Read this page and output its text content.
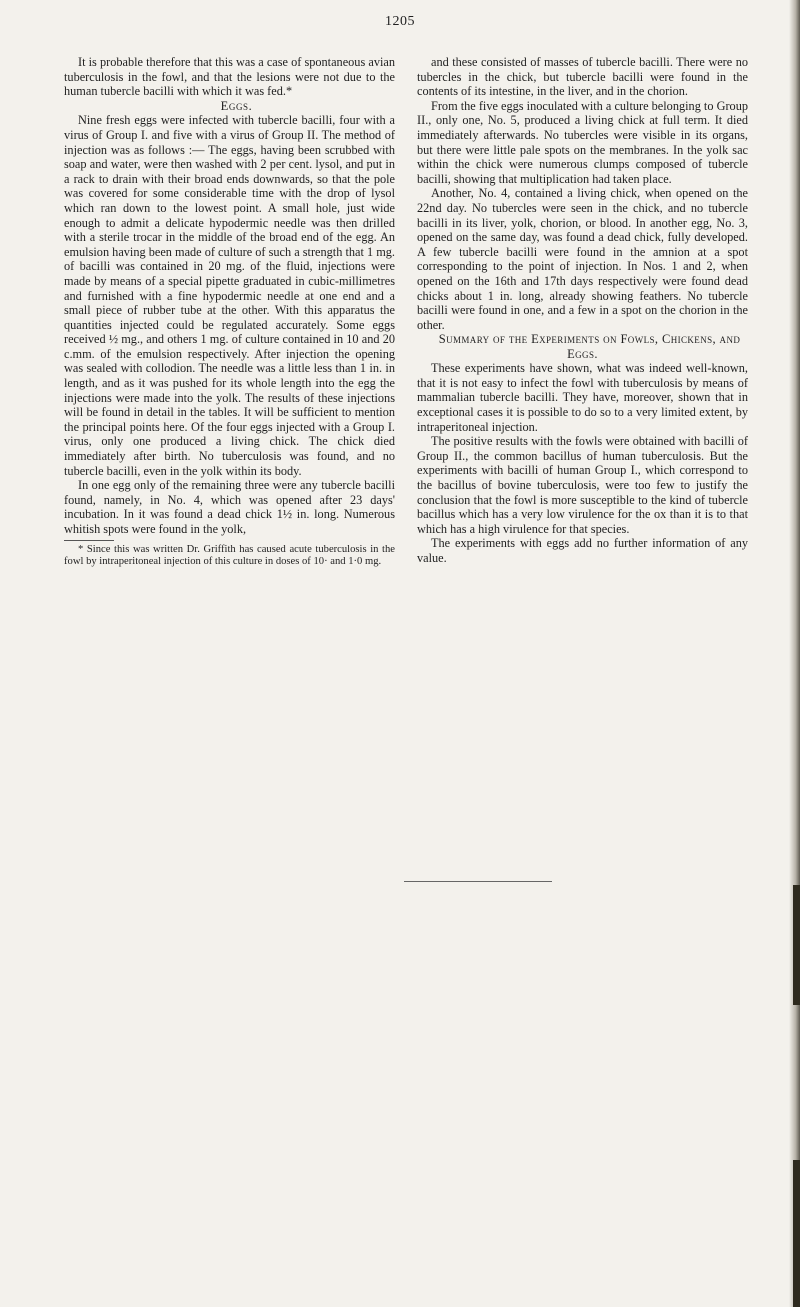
1205

It is probable therefore that this was a case of spontaneous avian tuberculosis in the fowl, and that the lesions were not due to the human tubercle bacilli with which it was fed.*

Eggs.

Nine fresh eggs were infected with tubercle bacilli, four with a virus of Group I. and five with a virus of Group II. The method of injection was as follows :— The eggs, having been scrubbed with soap and water, were then washed with 2 per cent. lysol, and put in a rack to drain with their broad ends downwards, so that the pole was covered for some considerable time with the drop of lysol which ran down to the lowest point. A small hole, just wide enough to admit a delicate hypodermic needle was then drilled with a sterile trocar in the middle of the broad end of the egg. An emulsion having been made of culture of such a strength that 1 mg. of bacilli was contained in 20 mg. of the fluid, injections were made by means of a special pipette graduated in cubic-millimetres and furnished with a fine hypodermic needle at one end and a small piece of rubber tube at the other. With this apparatus the quantities injected could be regulated accurately. Some eggs received ½ mg., and others 1 mg. of culture contained in 10 and 20 c.mm. of the emulsion respectively. After injection the opening was sealed with collodion. The needle was a little less than 1 in. in length, and as it was pushed for its whole length into the egg the injections were made into the yolk. The results of these injections will be found in detail in the tables. It will be sufficient to mention the principal points here. Of the four eggs injected with a Group I. virus, only one produced a living chick. The chick died immediately after birth. No tuberculosis was found, and no tubercle bacilli, even in the yolk within its body.

In one egg only of the remaining three were any tubercle bacilli found, namely, in No. 4, which was opened after 23 days' incubation. In it was found a dead chick 1½ in. long. Numerous whitish spots were found in the yolk,

* Since this was written Dr. Griffith has caused acute tuberculosis in the fowl by intraperitoneal injection of this culture in doses of 10· and 1·0 mg.

and these consisted of masses of tubercle bacilli. There were no tubercles in the chick, but tubercle bacilli were found in the contents of its intestine, in the liver, and in the chorion.

From the five eggs inoculated with a culture belonging to Group II., only one, No. 5, produced a living chick at full term. It died immediately afterwards. No tubercles were visible in its organs, but there were little pale spots on the membranes. In the yolk sac within the chick were numerous clumps composed of tubercle bacilli, showing that multiplication had taken place.

Another, No. 4, contained a living chick, when opened on the 22nd day. No tubercles were seen in the chick, and no tubercle bacilli in its liver, yolk, chorion, or blood. In another egg, No. 3, opened on the same day, was found a dead chick, fully developed. A few tubercle bacilli were found in the amnion at a spot corresponding to the point of injection. In Nos. 1 and 2, when opened on the 16th and 17th days respectively were found dead chicks about 1 in. long, already showing feathers. No tubercle bacilli were found in one, and a few in a spot on the chorion in the other.

Summary of the Experiments on Fowls, Chickens, and Eggs.

These experiments have shown, what was indeed well-known, that it is not easy to infect the fowl with tuberculosis by means of mammalian tubercle bacilli. They have, moreover, shown that in exceptional cases it is possible to do so to a very limited extent, by intraperitoneal injection.

The positive results with the fowls were obtained with bacilli of Group II., the common bacillus of human tuberculosis. But the experiments with bacilli of human Group I., which correspond to the bacillus of bovine tuberculosis, were too few to justify the conclusion that the fowl is more susceptible to the kind of tubercle bacillus which has a very low virulence for the ox than it is to that which has a high virulence for that species.

The experiments with eggs add no further information of any value.
